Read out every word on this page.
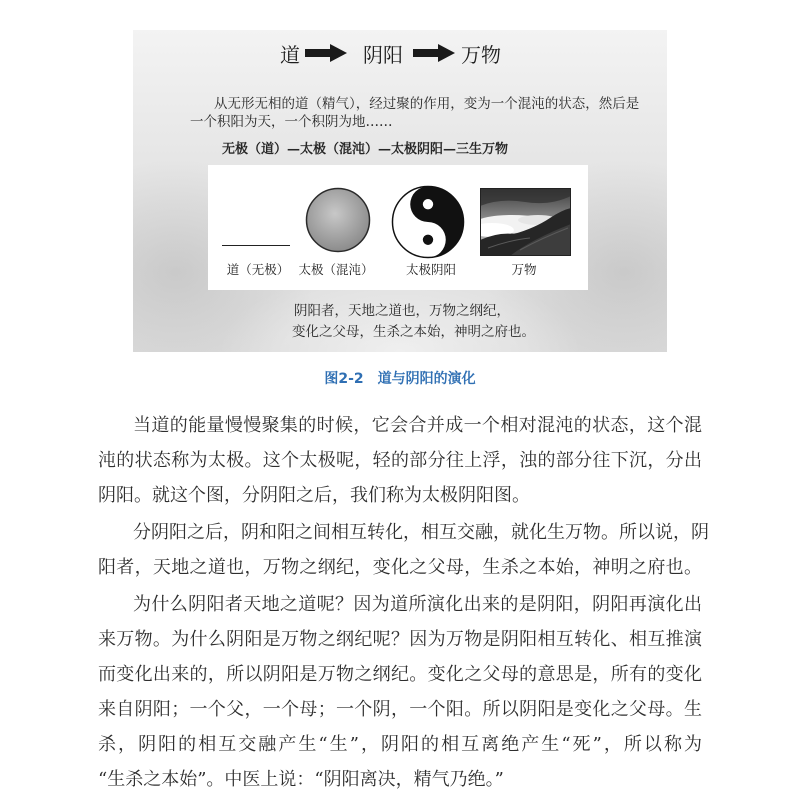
道	阴阳	万物
从无形无相的道（精气），经过聚的作用，变为一个混沌的状态，然后是
一个积阳为天，一个积阴为地……
无极（道）—太极（混沌）—太极阴阳—三生万物
道（无极） 太极（混沌）	太极阴阳	万物
阴阳者，天地之道也，万物之纲纪，
变化之父母，生杀之本始，神明之府也。
图2-2 道与阴阳的演化
当道的能量慢慢聚集的时候，它会合并成一个相对混沌的状态，这个混
沌的状态称为太极。这个太极呢，轻的部分往上浮，浊的部分往下沉，分出
阴阳。就这个图，分阴阳之后，我们称为太极阴阳图。
分阴阳之后，阴和阳之间相互转化，相互交融，就化生万物。所以说，阴
阳者，天地之道也，万物之纲纪，变化之父母，生杀之本始，神明之府也。
为什么阴阳者天地之道呢？因为道所演化出来的是阴阳，阴阳再演化出
来万物。为什么阴阳是万物之纲纪呢？因为万物是阴阳相互转化、相互推演
而变化出来的，所以阴阳是万物之纲纪。变化之父母的意思是，所有的变化
来自阴阳；一个父，一个母；一个阴，一个阳。所以阴阳是变化之父母。生
杀，阴阳的相互交融产生“生”，阴阳的相互离绝产生“死”，所以称为
“生杀之本始”。中医上说：“阴阳离决，精气乃绝。”
